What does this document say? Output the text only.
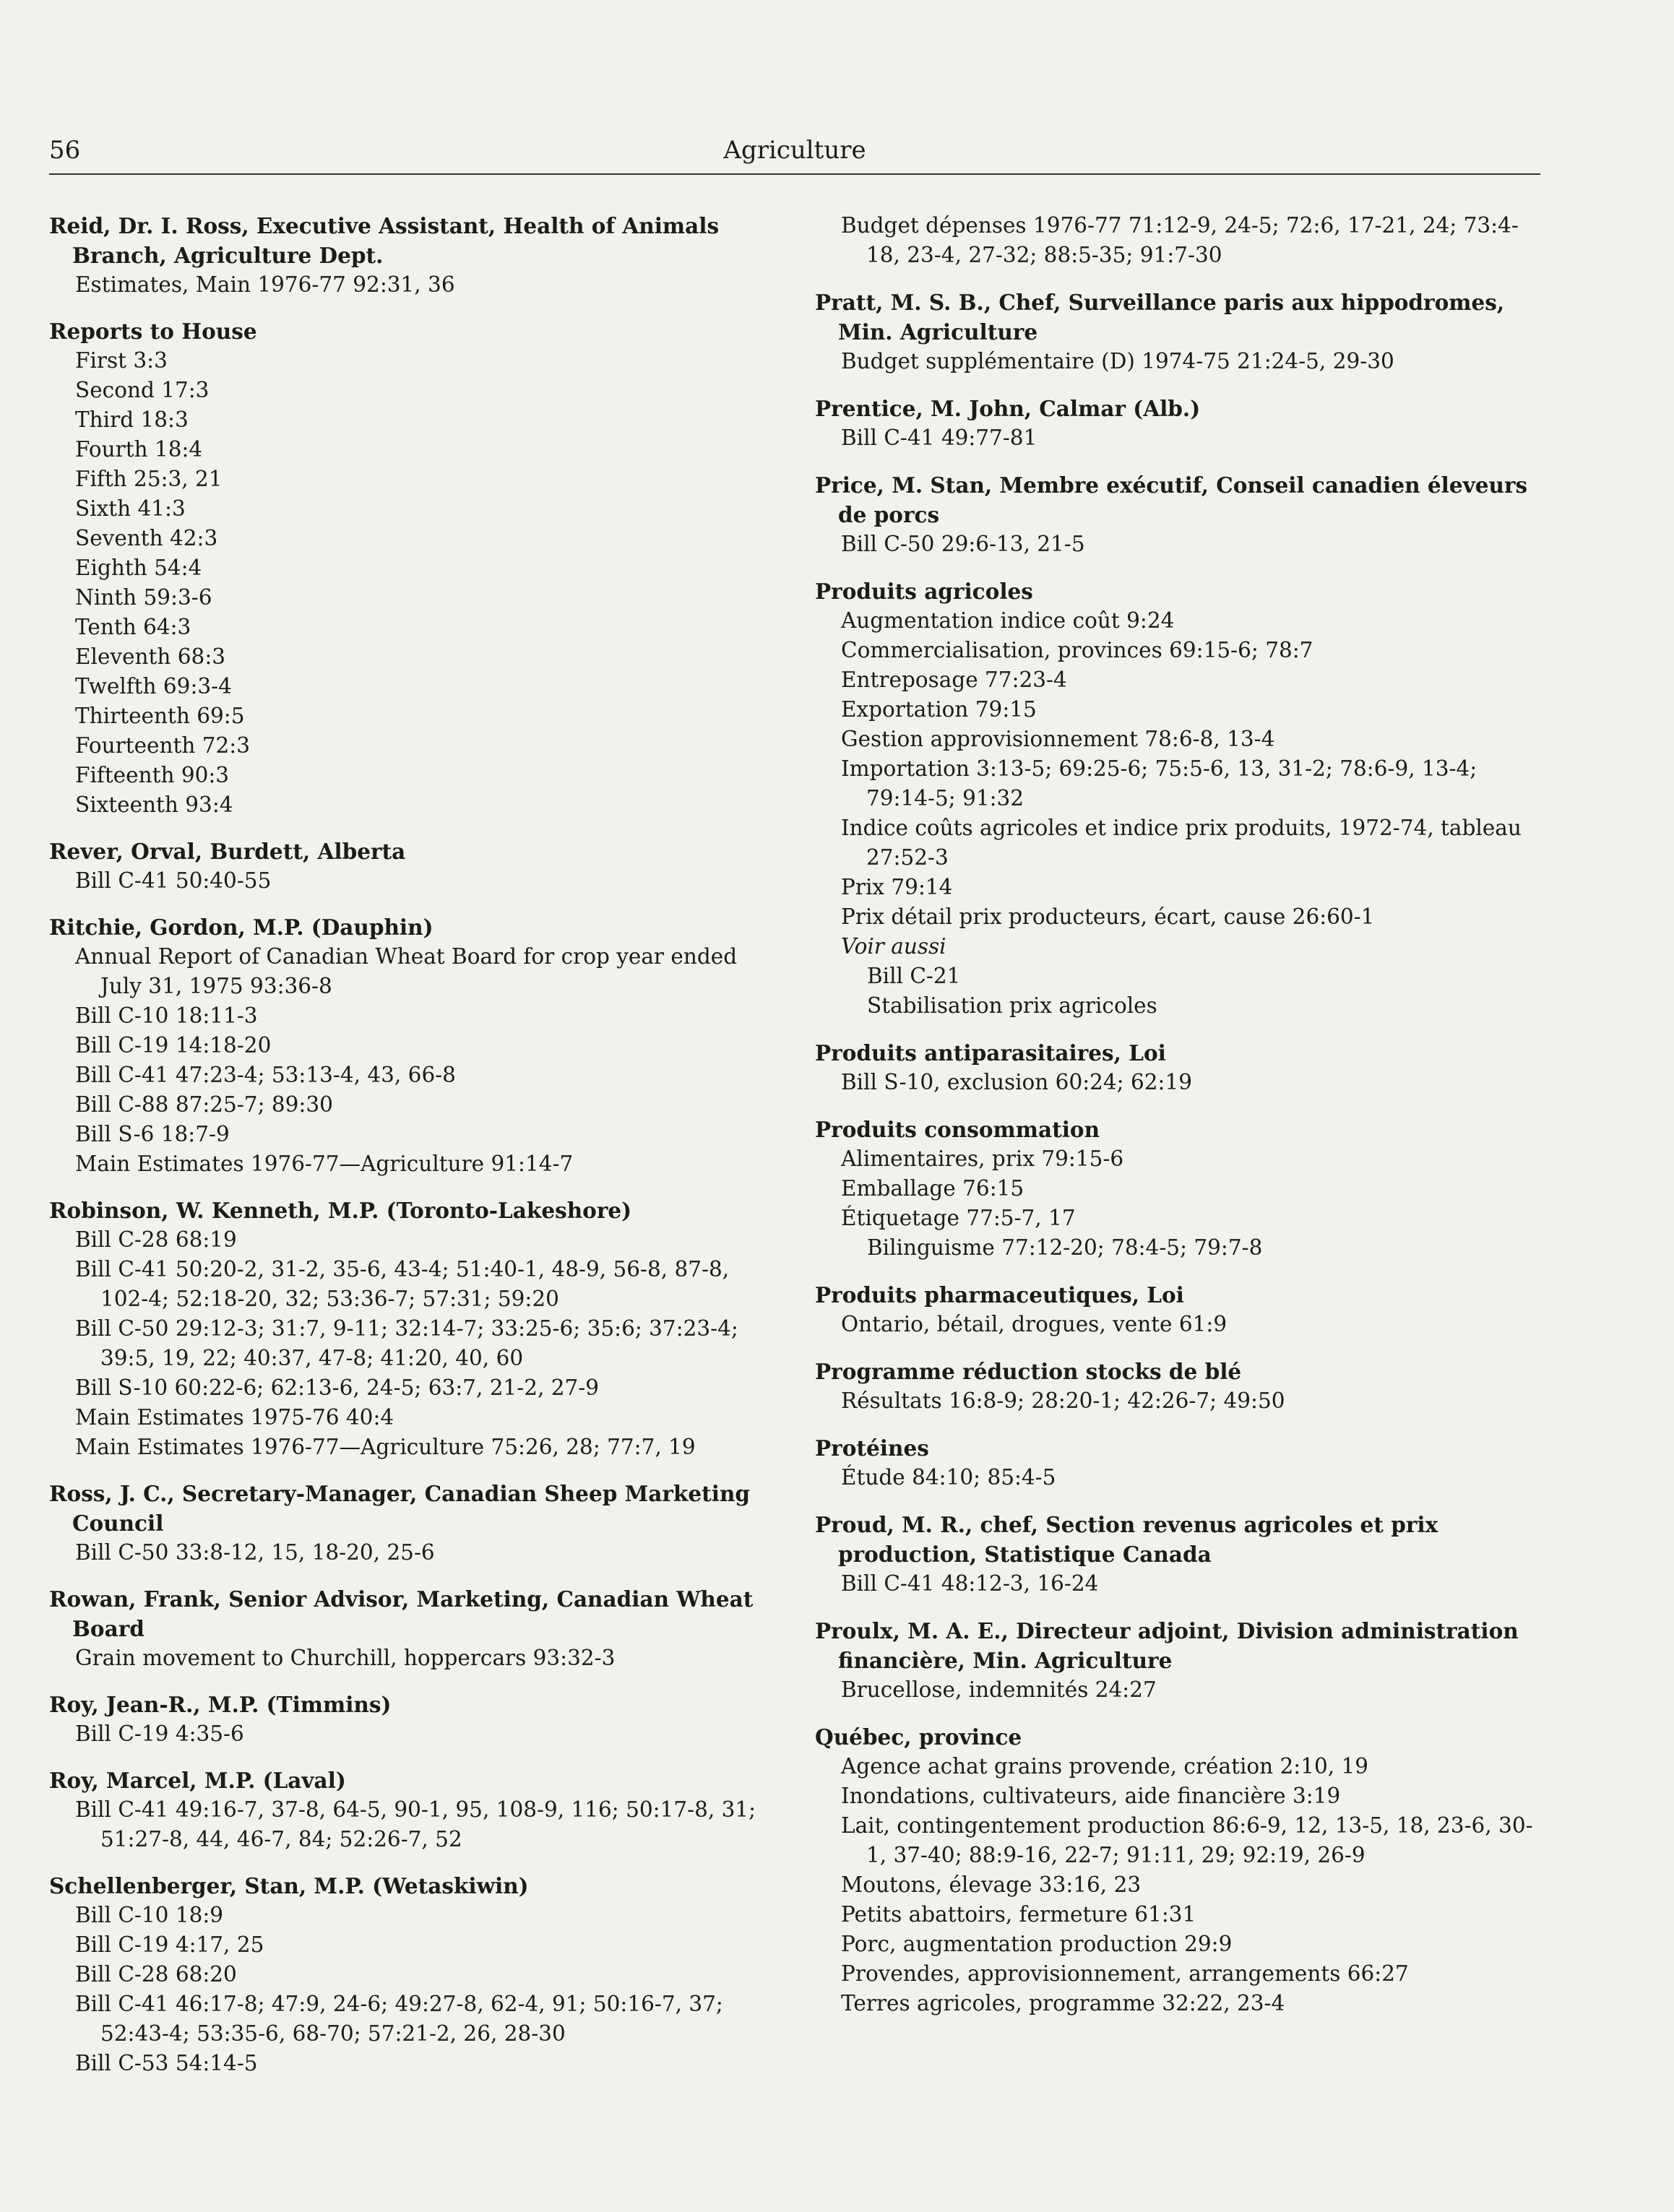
56	Agriculture
Reid, Dr. I. Ross, Executive Assistant, Health of Animals Branch, Agriculture Dept.
Estimates, Main 1976-77 92:31, 36
Reports to House
First 3:3
Second 17:3
Third 18:3
Fourth 18:4
Fifth 25:3, 21
Sixth 41:3
Seventh 42:3
Eighth 54:4
Ninth 59:3-6
Tenth 64:3
Eleventh 68:3
Twelfth 69:3-4
Thirteenth 69:5
Fourteenth 72:3
Fifteenth 90:3
Sixteenth 93:4
Rever, Orval, Burdett, Alberta
Bill C-41 50:40-55
Ritchie, Gordon, M.P. (Dauphin)
Annual Report of Canadian Wheat Board for crop year ended July 31, 1975 93:36-8
Bill C-10 18:11-3
Bill C-19 14:18-20
Bill C-41 47:23-4; 53:13-4, 43, 66-8
Bill C-88 87:25-7; 89:30
Bill S-6 18:7-9
Main Estimates 1976-77—Agriculture 91:14-7
Robinson, W. Kenneth, M.P. (Toronto-Lakeshore)
Bill C-28 68:19
Bill C-41 50:20-2, 31-2, 35-6, 43-4; 51:40-1, 48-9, 56-8, 87-8, 102-4; 52:18-20, 32; 53:36-7; 57:31; 59:20
Bill C-50 29:12-3; 31:7, 9-11; 32:14-7; 33:25-6; 35:6; 37:23-4; 39:5, 19, 22; 40:37, 47-8; 41:20, 40, 60
Bill S-10 60:22-6; 62:13-6, 24-5; 63:7, 21-2, 27-9
Main Estimates 1975-76 40:4
Main Estimates 1976-77—Agriculture 75:26, 28; 77:7, 19
Ross, J. C., Secretary-Manager, Canadian Sheep Marketing Council
Bill C-50 33:8-12, 15, 18-20, 25-6
Rowan, Frank, Senior Advisor, Marketing, Canadian Wheat Board
Grain movement to Churchill, hoppercars 93:32-3
Roy, Jean-R., M.P. (Timmins)
Bill C-19 4:35-6
Roy, Marcel, M.P. (Laval)
Bill C-41 49:16-7, 37-8, 64-5, 90-1, 95, 108-9, 116; 50:17-8, 31; 51:27-8, 44, 46-7, 84; 52:26-7, 52
Schellenberger, Stan, M.P. (Wetaskiwin)
Bill C-10 18:9
Bill C-19 4:17, 25
Bill C-28 68:20
Bill C-41 46:17-8; 47:9, 24-6; 49:27-8, 62-4, 91; 50:16-7, 37; 52:43-4; 53:35-6, 68-70; 57:21-2, 26, 28-30
Bill C-53 54:14-5
Budget dépenses 1976-77 71:12-9, 24-5; 72:6, 17-21, 24; 73:4-18, 23-4, 27-32; 88:5-35; 91:7-30
Pratt, M. S. B., Chef, Surveillance paris aux hippodromes, Min. Agriculture
Budget supplémentaire (D) 1974-75 21:24-5, 29-30
Prentice, M. John, Calmar (Alb.)
Bill C-41 49:77-81
Price, M. Stan, Membre exécutif, Conseil canadien éleveurs de porcs
Bill C-50 29:6-13, 21-5
Produits agricoles
Augmentation indice coût 9:24
Commercialisation, provinces 69:15-6; 78:7
Entreposage 77:23-4
Exportation 79:15
Gestion approvisionnement 78:6-8, 13-4
Importation 3:13-5; 69:25-6; 75:5-6, 13, 31-2; 78:6-9, 13-4; 79:14-5; 91:32
Indice coûts agricoles et indice prix produits, 1972-74, tableau 27:52-3
Prix 79:14
Prix détail prix producteurs, écart, cause 26:60-1
Voir aussi
Bill C-21
Stabilisation prix agricoles
Produits antiparasitaires, Loi
Bill S-10, exclusion 60:24; 62:19
Produits consommation
Alimentaires, prix 79:15-6
Emballage 76:15
Étiquetage 77:5-7, 17
Bilinguisme 77:12-20; 78:4-5; 79:7-8
Produits pharmaceutiques, Loi
Ontario, bétail, drogues, vente 61:9
Programme réduction stocks de blé
Résultats 16:8-9; 28:20-1; 42:26-7; 49:50
Protéines
Étude 84:10; 85:4-5
Proud, M. R., chef, Section revenus agricoles et prix production, Statistique Canada
Bill C-41 48:12-3, 16-24
Proulx, M. A. E., Directeur adjoint, Division administration financière, Min. Agriculture
Brucellose, indemnités 24:27
Québec, province
Agence achat grains provende, création 2:10, 19
Inondations, cultivateurs, aide financière 3:19
Lait, contingentement production 86:6-9, 12, 13-5, 18, 23-6, 30-1, 37-40; 88:9-16, 22-7; 91:11, 29; 92:19, 26-9
Moutons, élevage 33:16, 23
Petits abattoirs, fermeture 61:31
Porc, augmentation production 29:9
Provendes, approvisionnement, arrangements 66:27
Terres agricoles, programme 32:22, 23-4
